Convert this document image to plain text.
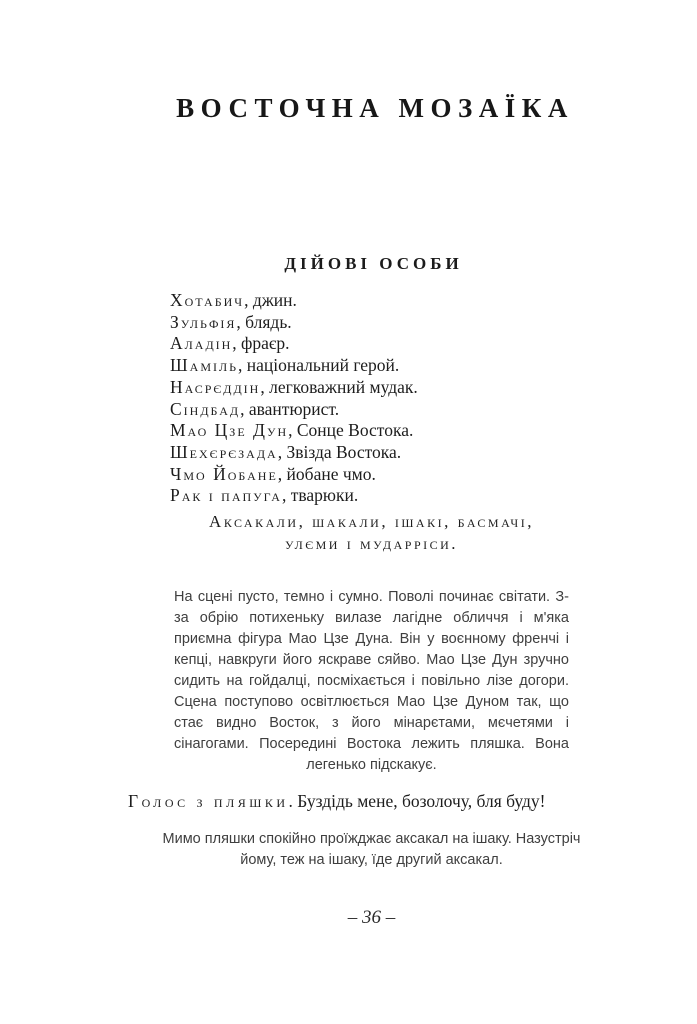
ВОСТОЧНА МОЗАЇКА
ДІЙОВІ ОСОБИ
Хотабич, джин.
Зульфія, блядь.
Аладін, фраєр.
Шаміль, національний герой.
Насрєддін, легковажний мудак.
Сіндбад, авантюрист.
Мао Цзе Дун, Сонце Востока.
Шехєрєзада, Звізда Востока.
Чмо Йобане, йобане чмо.
Рак і папуга, тварюки.
Аксакали, шакали, ішакі, басмачі,
улєми і мударріси.

На сцені пусто, темно і сумно. Поволі починає світати. З-за обрію потихеньку вилазе лагідне обличчя і м'яка приємна фігура Мао Цзе Дуна. Він у воєнному френчі і кепці, навкруги його яскраве сяйво. Мао Цзе Дун зручно сидить на гойдалці, посміхається і повільно лізе догори. Сцена поступово освітлюється Мао Цзе Дуном так, що стає видно Восток, з його мінарєтами, мєчетями і сінагогами. Посередині Востока лежить пляшка. Вона легенько підскакує.

Голос з пляшки. Буздідь мене, бозолочу, бля буду!

Мимо пляшки спокійно проїжджає аксакал на ішаку. Назустріч йому, теж на ішаку, їде другий аксакал.

– 36 –
